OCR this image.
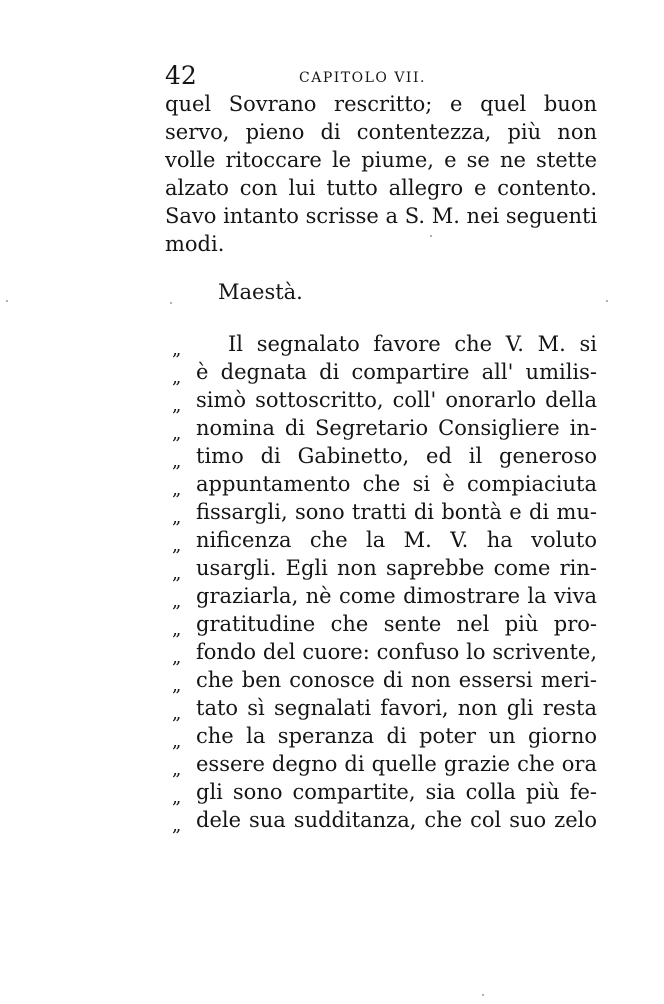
42	CAPITOLO VII.
quel Sovrano rescritto; e quel buon
servo, pieno di contentezza, più non
volle ritoccare le piume, e se ne stette
alzato con lui tutto allegro e contento.
Savo intanto scrisse a S. M. nei seguenti
modi.
Maestà.
„ Il segnalato favore che V. M. si
„ è degnata di compartire all' umilis-
„ simò sottoscritto, coll' onorarlo della
„ nomina di Segretario Consigliere in-
„ timo di Gabinetto, ed il generoso
„ appuntamento che si è compiaciuta
„ fissargli, sono tratti di bontà e di mu-
„ nificenza che la M. V. ha voluto
„ usargli. Egli non saprebbe come rin-
„ graziarla, nè come dimostrare la viva
„ gratitudine che sente nel più pro-
„ fondo del cuore: confuso lo scrivente,
„ che ben conosce di non essersi meri-
„ tato sì segnalati favori, non gli resta
„ che la speranza di poter un giorno
„ essere degno di quelle grazie che ora
„ gli sono compartite, sia colla più fe-
„ dele sua sudditanza, che col suo zelo
